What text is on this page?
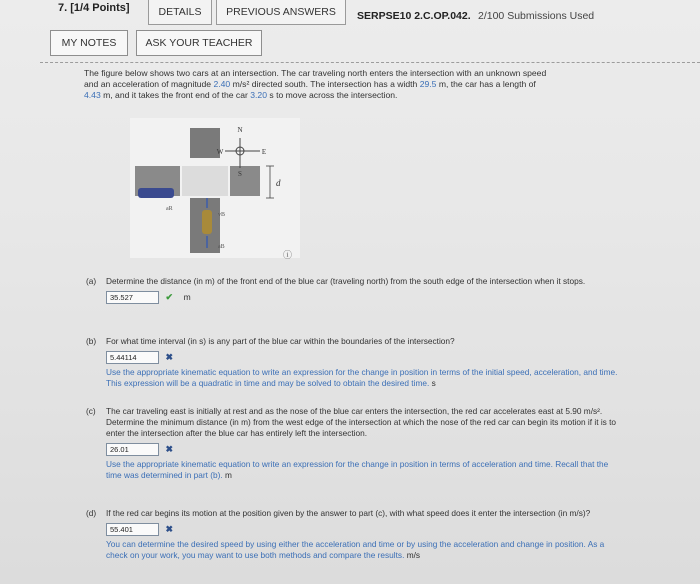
7. [1/4 Points]	DETAILS	PREVIOUS ANSWERS	SERPSE10 2.C.OP.042. 2/100 Submissions Used
MY NOTES	ASK YOUR TEACHER
The figure below shows two cars at an intersection. The car traveling north enters the intersection with an unknown speed
and an acceleration of magnitude 2.40 m/s² directed south. The intersection has a width 29.5 m, the car has a length of
4.43 m, and it takes the front end of the car 3.20 s to move across the intersection.
N
W	E
S
d
aR
vB
aB
ⓘ
(a)	Determine the distance (in m) of the front end of the blue car (traveling north) from the south edge of the intersection when it stops.
35.527	✔ m
(b)	For what time interval (in s) is any part of the blue car within the boundaries of the intersection?
5.44114	✖
Use the appropriate kinematic equation to write an expression for the change in position in terms of the initial speed, acceleration, and time. This expression will be a quadratic in time and may be solved to obtain the desired time. s
(c)	The car traveling east is initially at rest and as the nose of the blue car enters the intersection, the red car accelerates east at 5.90 m/s². Determine the minimum distance (in m) from the west edge of the intersection at which the nose of the red car can begin its motion if it is to enter the intersection after the blue car has entirely left the intersection.
26.01	✖
Use the appropriate kinematic equation to write an expression for the change in position in terms of acceleration and time. Recall that the time was determined in part (b). m
(d)	If the red car begins its motion at the position given by the answer to part (c), with what speed does it enter the intersection (in m/s)?
55.401	✖
You can determine the desired speed by using either the acceleration and time or by using the acceleration and change in position. As a check on your work, you may want to use both methods and compare the results. m/s
